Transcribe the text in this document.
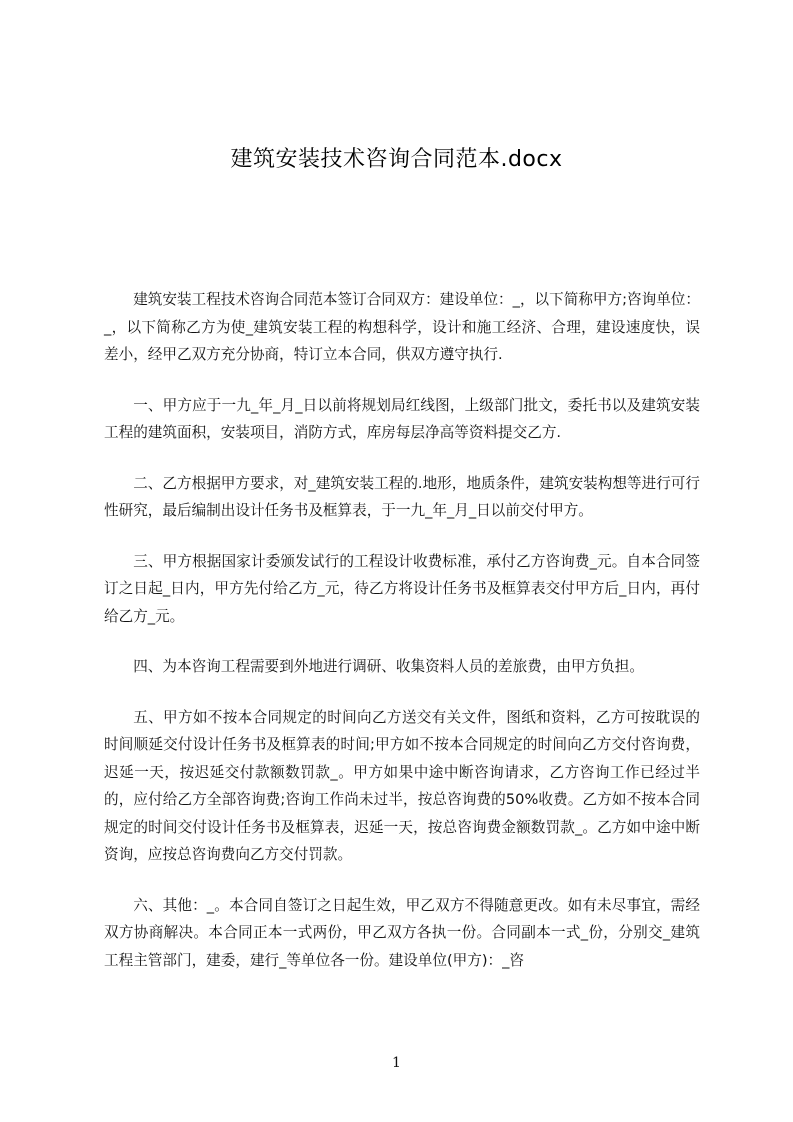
建筑安装技术咨询合同范本.docx

建筑安装工程技术咨询合同范本签订合同双方：建设单位：_，以下简称甲方;咨询单位：_，以下简称乙方为使_建筑安装工程的构想科学，设计和施工经济、合理，建设速度快，误差小，经甲乙双方充分协商，特订立本合同，供双方遵守执行.

一、甲方应于一九_年_月_日以前将规划局红线图，上级部门批文，委托书以及建筑安装工程的建筑面积，安装项目，消防方式，库房每层净高等资料提交乙方.

二、乙方根据甲方要求，对_建筑安装工程的.地形，地质条件，建筑安装构想等进行可行性研究，最后编制出设计任务书及框算表，于一九_年_月_日以前交付甲方。

三、甲方根据国家计委颁发试行的工程设计收费标准，承付乙方咨询费_元。自本合同签订之日起_日内，甲方先付给乙方_元，待乙方将设计任务书及框算表交付甲方后_日内，再付给乙方_元。

四、为本咨询工程需要到外地进行调研、收集资料人员的差旅费，由甲方负担。

五、甲方如不按本合同规定的时间向乙方送交有关文件，图纸和资料，乙方可按耽误的时间顺延交付设计任务书及框算表的时间;甲方如不按本合同规定的时间向乙方交付咨询费，迟延一天，按迟延交付款额数罚款_。甲方如果中途中断咨询请求，乙方咨询工作已经过半的，应付给乙方全部咨询费;咨询工作尚未过半，按总咨询费的50%收费。乙方如不按本合同规定的时间交付设计任务书及框算表，迟延一天，按总咨询费金额数罚款_。乙方如中途中断资询，应按总咨询费向乙方交付罚款。

六、其他：_。本合同自签订之日起生效，甲乙双方不得随意更改。如有未尽事宜，需经双方协商解决。本合同正本一式两份，甲乙双方各执一份。合同副本一式_份，分别交_建筑工程主管部门，建委，建行_等单位各一份。建设单位(甲方)：_咨

1
